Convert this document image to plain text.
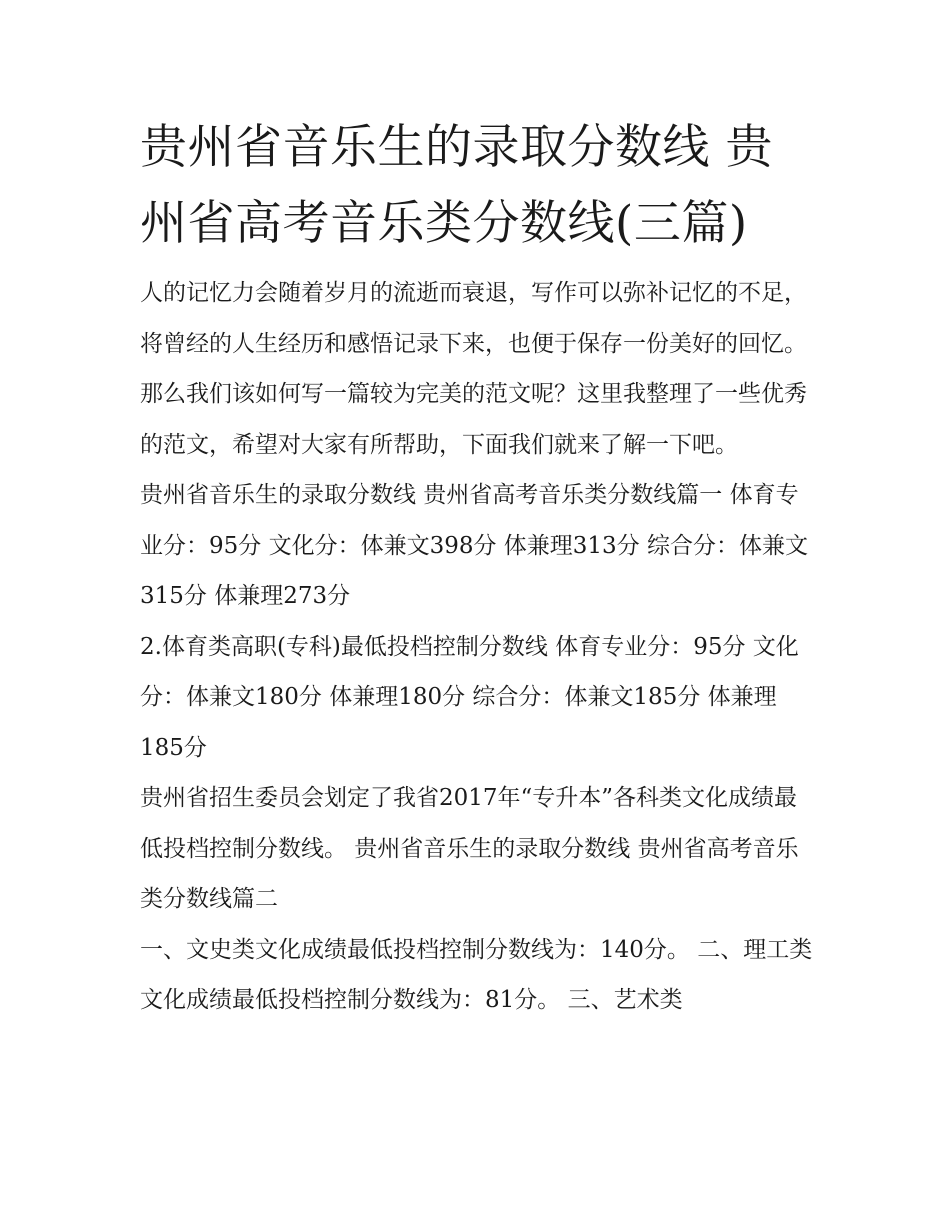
贵州省音乐生的录取分数线 贵州省高考音乐类分数线(三篇)

人的记忆力会随着岁月的流逝而衰退，写作可以弥补记忆的不足，将曾经的人生经历和感悟记录下来，也便于保存一份美好的回忆。那么我们该如何写一篇较为完美的范文呢？这里我整理了一些优秀的范文，希望对大家有所帮助，下面我们就来了解一下吧。

贵州省音乐生的录取分数线 贵州省高考音乐类分数线篇一 体育专业分：95分 文化分：体兼文398分 体兼理313分 综合分：体兼文315分 体兼理273分

2.体育类高职(专科)最低投档控制分数线 体育专业分：95分 文化分：体兼文180分 体兼理180分 综合分：体兼文185分 体兼理185分

贵州省招生委员会划定了我省2017年“专升本”各科类文化成绩最低投档控制分数线。 贵州省音乐生的录取分数线 贵州省高考音乐类分数线篇二

一、文史类文化成绩最低投档控制分数线为：140分。 二、理工类文化成绩最低投档控制分数线为：81分。 三、艺术类
